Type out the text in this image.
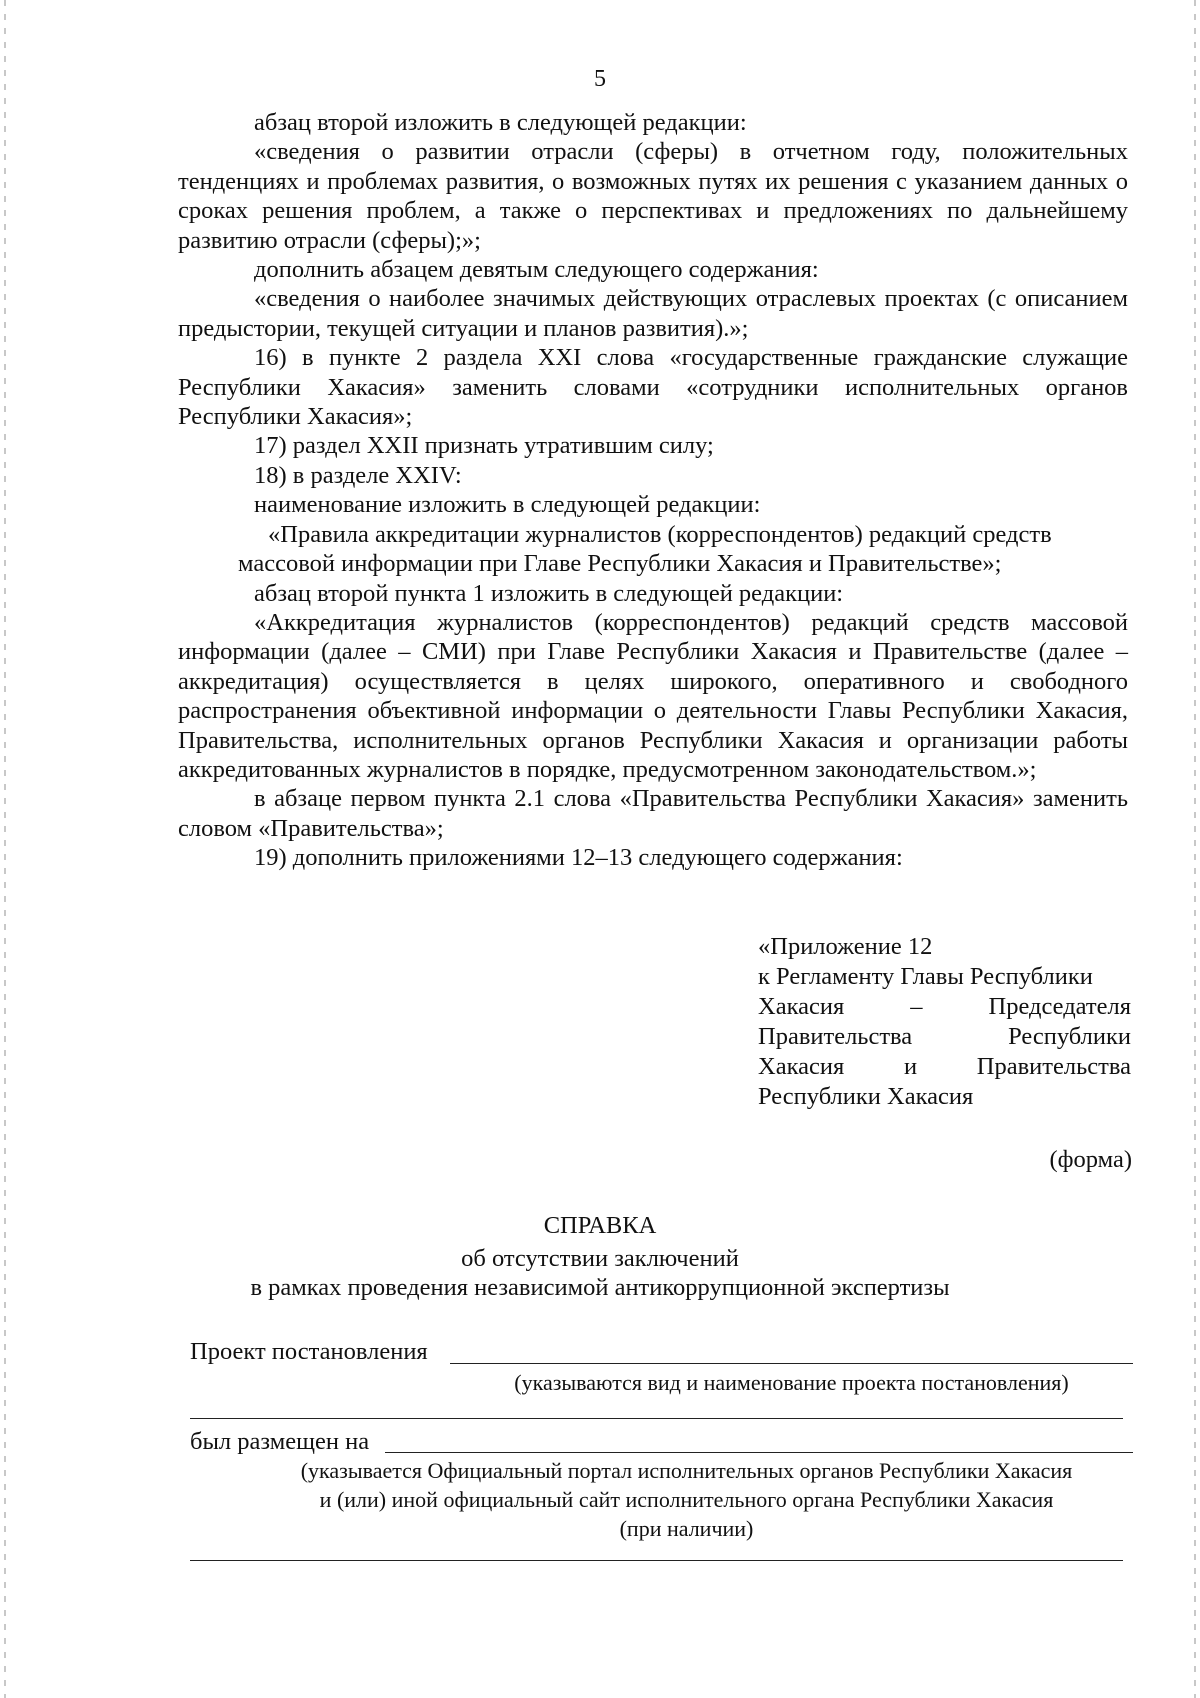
5

абзац второй изложить в следующей редакции:

«сведения о развитии отрасли (сферы) в отчетном году, положительных тенденциях и проблемах развития, о возможных путях их решения с указанием данных о сроках решения проблем, а также о перспективах и предложениях по дальнейшему развитию отрасли (сферы);»;

дополнить абзацем девятым следующего содержания:

«сведения о наиболее значимых действующих отраслевых проектах (с описанием предыстории, текущей ситуации и планов развития).»;

16) в пункте 2 раздела XXI слова «государственные гражданские служащие Республики Хакасия» заменить словами «сотрудники исполнительных органов Республики Хакасия»;

17) раздел XXII признать утратившим силу;

18) в разделе XXIV:

наименование изложить в следующей редакции:

«Правила аккредитации журналистов (корреспондентов) редакций средств

массовой информации при Главе Республики Хакасия и Правительстве»;

абзац второй пункта 1 изложить в следующей редакции:

«Аккредитация журналистов (корреспондентов) редакций средств массовой информации (далее – СМИ) при Главе Республики Хакасия и Правительстве (далее – аккредитация) осуществляется в целях широкого, оперативного и свободного распространения объективной информации о деятельности Главы Республики Хакасия, Правительства, исполнительных органов Республики Хакасия и организации работы аккредитованных журналистов в порядке, предусмотренном законодательством.»;

в абзаце первом пункта 2.1 слова «Правительства Республики Хакасия» заменить словом «Правительства»;

19) дополнить приложениями 12–13 следующего содержания:

«Приложение 12
к Регламенту Главы Республики
Хакасия	–	Председателя
Правительства	Республики
Хакасия и Правительства
Республики Хакасия
(форма)
СПРАВКА
об отсутствии заключений
в рамках проведения независимой антикоррупционной экспертизы
Проект постановления
(указываются вид и наименование проекта постановления)
был размещен на
(указывается Официальный портал исполнительных органов Республики Хакасия
и (или) иной официальный сайт исполнительного органа Республики Хакасия
(при наличии)
